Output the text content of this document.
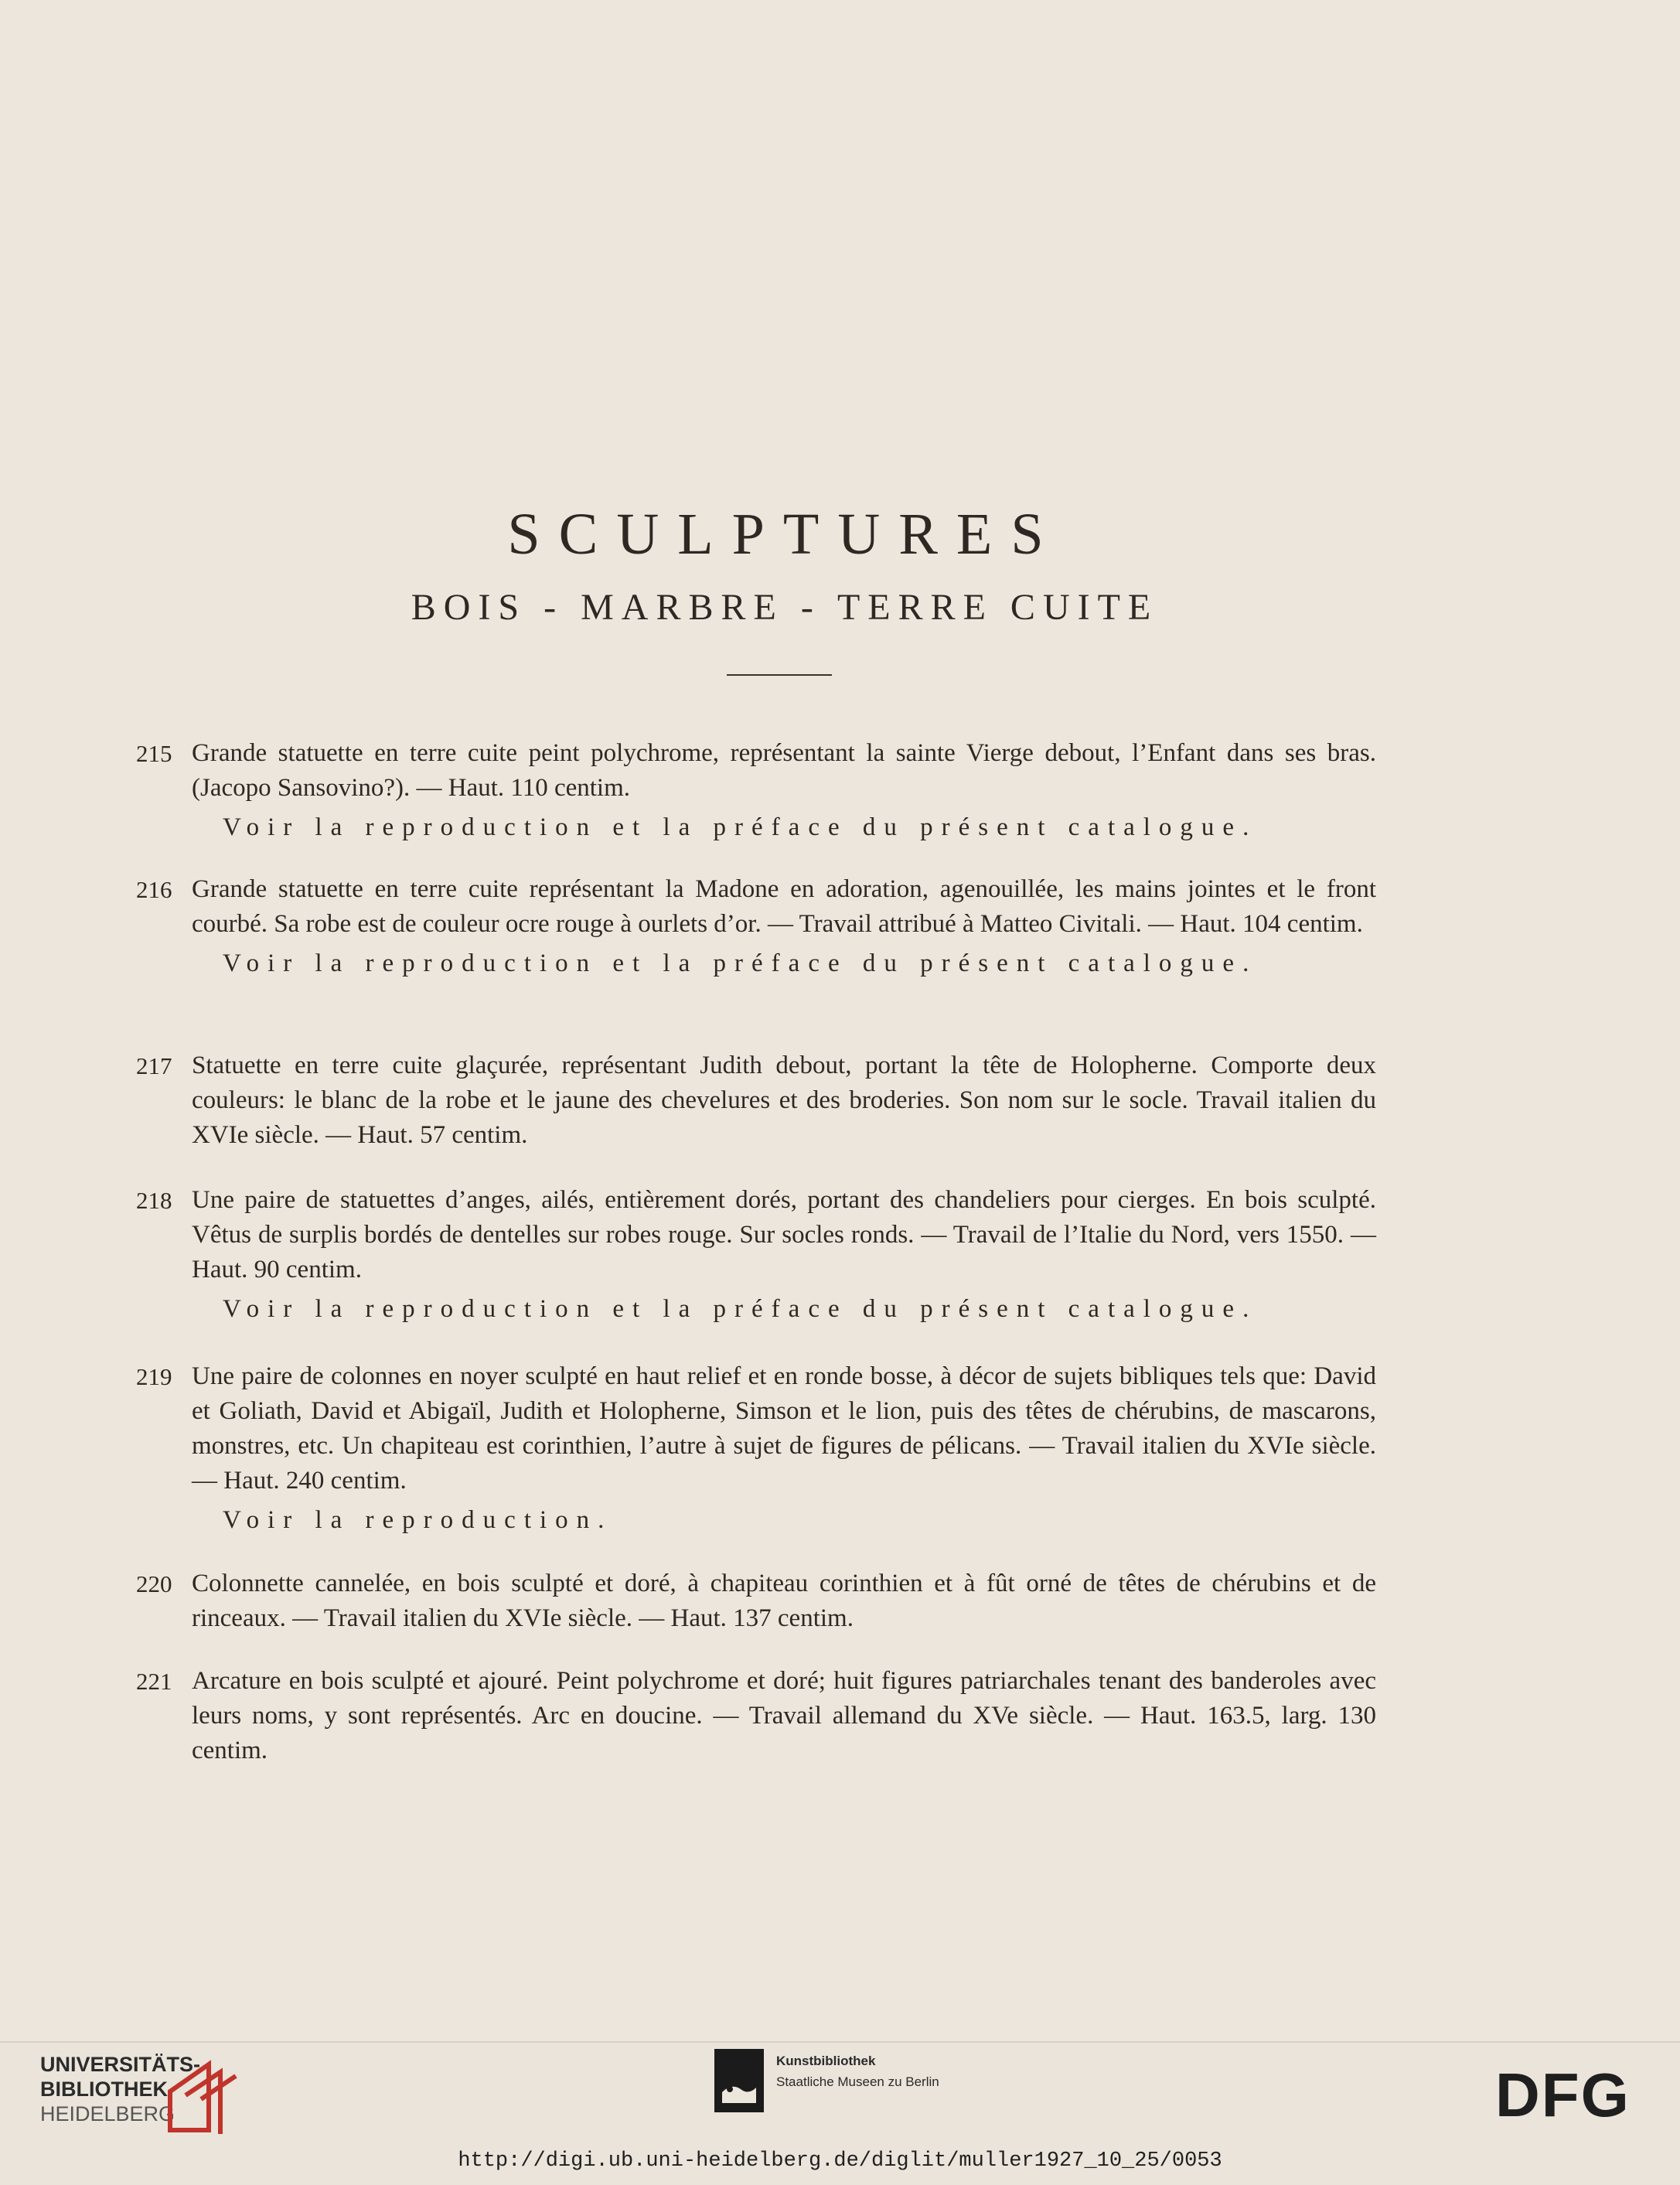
SCULPTURES
BOIS - MARBRE - TERRE CUITE
215 Grande statuette en terre cuite peint polychrome, représentant la sainte Vierge debout, l’Enfant dans ses bras. (Jacopo Sansovino?). — Haut. 110 centim.
Voir la reproduction et la préface du présent catalogue.
216 Grande statuette en terre cuite représentant la Madone en adoration, agenouillée, les mains jointes et le front courbé. Sa robe est de couleur ocre rouge à ourlets d’or. — Travail attribué à Matteo Civitali. — Haut. 104 centim.
Voir la reproduction et la préface du présent catalogue.
217 Statuette en terre cuite glaçurée, représentant Judith debout, portant la tête de Holopherne. Comporte deux couleurs: le blanc de la robe et le jaune des chevelures et des broderies. Son nom sur le socle. Travail italien du XVIe siècle. — Haut. 57 centim.
218 Une paire de statuettes d’anges, ailés, entièrement dorés, portant des chandeliers pour cierges. En bois sculpté. Vêtus de surplis bordés de dentelles sur robes rouge. Sur socles ronds. — Travail de l’Italie du Nord, vers 1550. — Haut. 90 centim.
Voir la reproduction et la préface du présent catalogue.
219 Une paire de colonnes en noyer sculpté en haut relief et en ronde bosse, à décor de sujets bibliques tels que: David et Goliath, David et Abigaïl, Judith et Holopherne, Simson et le lion, puis des têtes de chérubins, de mascarons, monstres, etc. Un chapiteau est corinthien, l’autre à sujet de figures de pélicans. — Travail italien du XVIe siècle. — Haut. 240 centim.
Voir la reproduction.
220 Colonnette cannelée, en bois sculpté et doré, à chapiteau corinthien et à fût orné de têtes de chérubins et de rinceaux. — Travail italien du XVIe siècle. — Haut. 137 centim.
221 Arcature en bois sculpté et ajouré. Peint polychrome et doré; huit figures patriarchales tenant des banderoles avec leurs noms, y sont représentés. Arc en doucine. — Travail allemand du XVe siècle. — Haut. 163.5, larg. 130 centim.
UNIVERSITÄTS-
BIBLIOTHEK
HEIDELBERG
Kunstbibliothek
Staatliche Museen zu Berlin	DFG
http://digi.ub.uni-heidelberg.de/diglit/muller1927_10_25/0053
